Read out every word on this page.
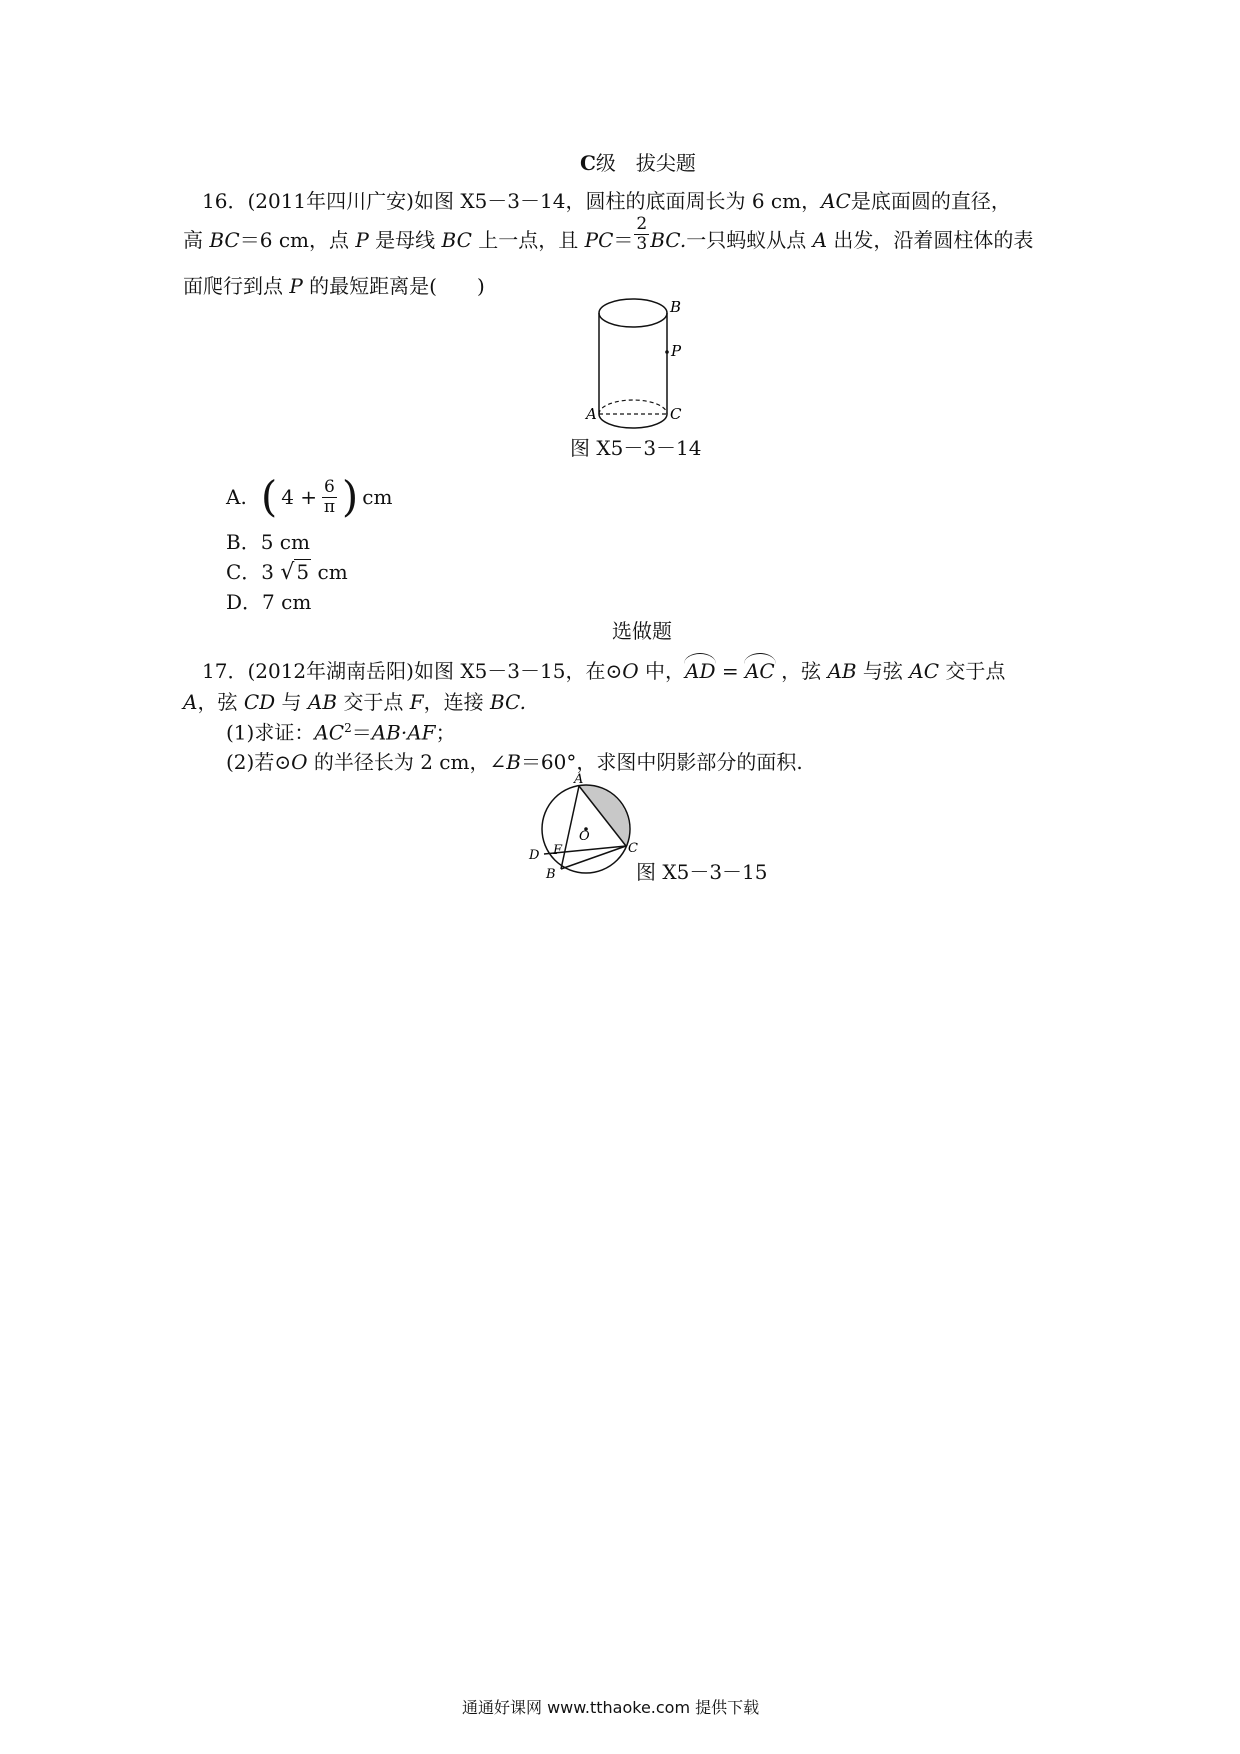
C级　拔尖题
16．(2011年四川广安)如图 X5－3－14，圆柱的底面周长为 6 cm，AC是底面圆的直径，
高 BC＝6 cm，点 P 是母线 BC 上一点，且 $PC= \frac{2}{3}$ BC.一只蚂蚁从点 A 出发，沿着圆柱体的表
面爬行到点 P 的最短距离是(　　)
B
P
A	C
图 X5－3－14
A. ( $4 + \frac{6}{\pi}$ ) cm
B．5 cm
C．3 √ 5 cm
D．7 cm
选做题
17．(2012年湖南岳阳)如图 X5－3－15，在⊙O 中，AD = AC ，弦 AB 与弦 AC 交于点
A，弦 CD 与 AB 交于点 F，连接 BC.
(1)求证：$AC^2=AB\cdot AF$；
(2)若⊙O 的半径长为 2 cm，∠B＝60°，求图中阴影部分的面积.
A
O
D F
B
C
图 X5－3－15
通通好课网 www.tthaoke.com 提供下载
